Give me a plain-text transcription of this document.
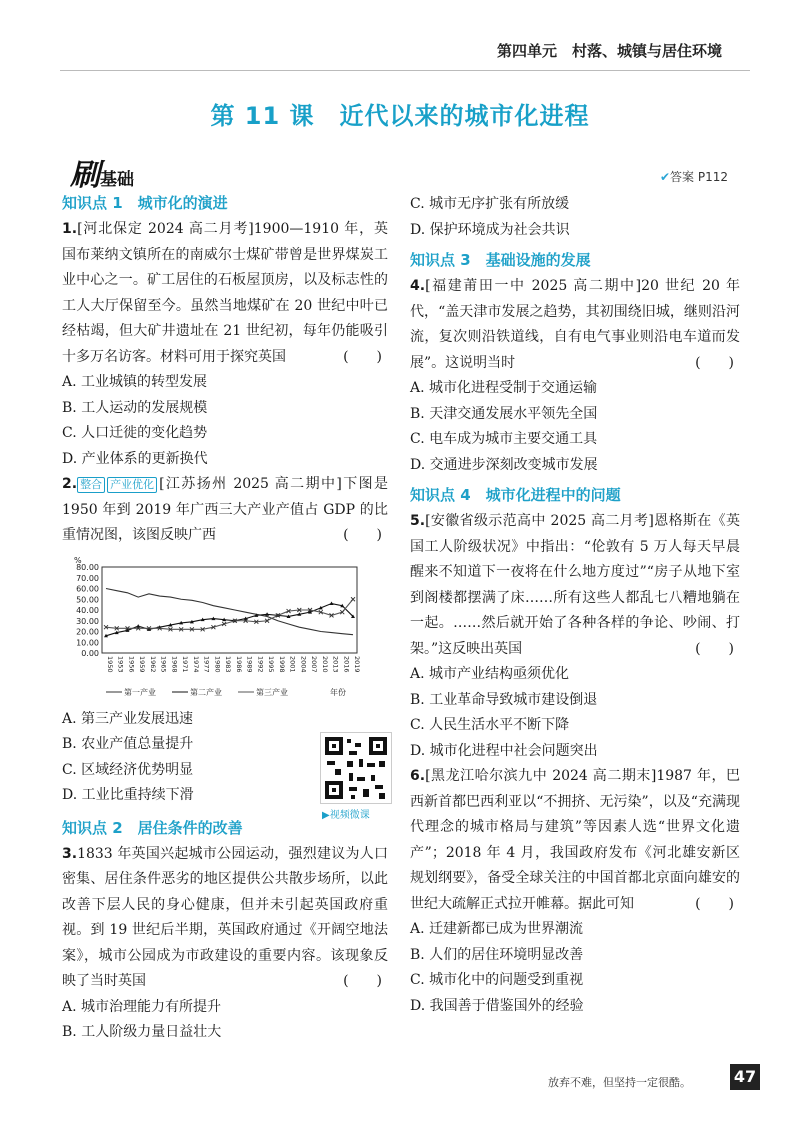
第四单元　村落、城镇与居住环境
第 11 课　近代以来的城市化进程
刷基础	✔答案 P112

知识点 1　城市化的演进

1.[河北保定 2024 高二月考]1900—1910 年，英国布莱纳文镇所在的南威尔士煤矿带曾是世界煤炭工业中心之一。矿工居住的石板屋顶房，以及标志性的工人大厅保留至今。虽然当地煤矿在 20 世纪中叶已经枯竭，但大矿井遗址在 21 世纪初，每年仍能吸引十多万名访客。材料可用于探究英国	(　　)

A. 工业城镇的转型发展

B. 工人运动的发展规模

C. 人口迁徙的变化趋势

D. 产业体系的更新换代

2. 整合 产业优化 [江苏扬州 2025 高二期中]下图是 1950 年到 2019 年广西三大产业产值占 GDP 的比重情况图，该图反映广西	(　　)

%
80.00
70.00
60.00
50.00
40.00
30.00
20.00
10.00
0.00
1950 1953 1956 1959 1962 1965 1968 1971 1974 1977 1980 1983 1986 1989 1992 1995 1998 2001 2004 2007 2010 2013 2016 2019
第一产业	第二产业	第三产业	年份

A. 第三产业发展迅速

B. 农业产值总量提升

C. 区域经济优势明显

D. 工业比重持续下滑

知识点 2　居住条件的改善

3.1833 年英国兴起城市公园运动，强烈建议为人口密集、居住条件恶劣的地区提供公共散步场所，以此改善下层人民的身心健康，但并未引起英国政府重视。到 19 世纪后半期，英国政府通过《开阔空地法案》，城市公园成为市政建设的重要内容。该现象反映了当时英国	(　　)

A. 城市治理能力有所提升

B. 工人阶级力量日益壮大

▶视频微课

C. 城市无序扩张有所放缓

D. 保护环境成为社会共识

知识点 3　基础设施的发展

4.[福建莆田一中 2025 高二期中]20 世纪 20 年代，“盖天津市发展之趋势，其初围绕旧城，继则沿河流，复次则沿铁道线，自有电气事业则沿电车道而发展”。这说明当时	(　　)

A. 城市化进程受制于交通运输

B. 天津交通发展水平领先全国

C. 电车成为城市主要交通工具

D. 交通进步深刻改变城市发展

知识点 4　城市化进程中的问题

5.[安徽省级示范高中 2025 高二月考]恩格斯在《英国工人阶级状况》中指出：“伦敦有 5 万人每天早晨醒来不知道下一夜将在什么地方度过”“房子从地下室到阁楼都摆满了床……所有这些人都乱七八糟地躺在一起。……然后就开始了各种各样的争论、吵闹、打架。”这反映出英国	(　　)

A. 城市产业结构亟须优化

B. 工业革命导致城市建设倒退

C. 人民生活水平不断下降

D. 城市化进程中社会问题突出

6.[黑龙江哈尔滨九中 2024 高二期末]1987 年，巴西新首都巴西利亚以“不拥挤、无污染”，以及“充满现代理念的城市格局与建筑”等因素人选“世界文化遗产”；2018 年 4 月，我国政府发布《河北雄安新区规划纲要》，备受全球关注的中国首都北京面向雄安的世纪大疏解正式拉开帷幕。据此可知	(　　)

A. 迁建新都已成为世界潮流

B. 人们的居住环境明显改善

C. 城市化中的问题受到重视

D. 我国善于借鉴国外的经验

放弃不难，但坚持一定很酷。	47
